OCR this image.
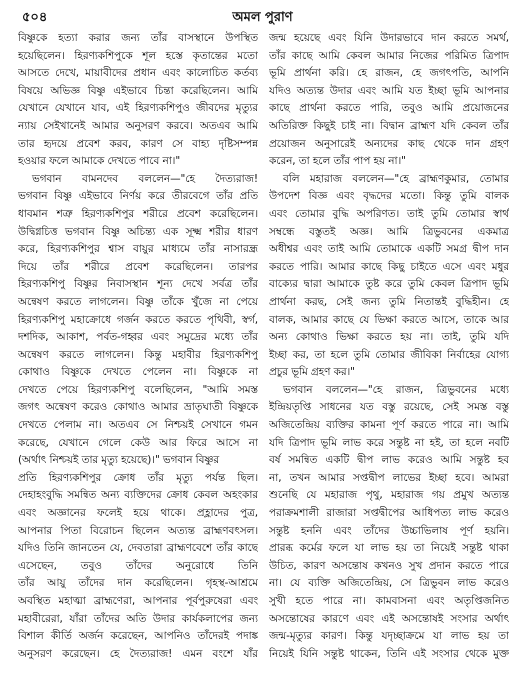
৫০৪	অমল পুরাণ
বিষ্ণুকে হত্যা করার জন্য তাঁর বাসস্থানে উপস্থিত
হয়েছিলেন। হিরণ্যকশিপুকে শূল হস্তে কৃতান্তের মতো
আসতে দেখে, মায়াবীদের প্রধান এবং কালোচিত কর্তব্য
বিষয়ে অভিজ্ঞ বিষ্ণু এইভাবে চিন্তা করেছিলেন। আমি
যেখানে যেখানে যাব, এই হিরণ্যকশিপুও জীবদের মৃত্যুর
ন্যায় সেইখানেই আমার অনুসরণ করবে। অতএব আমি
তার হৃদয়ে প্রবেশ করব, কারণ সে বাহ্য দৃষ্টিসম্পন্ন
হওয়ার ফলে আমাকে দেখতে পাবে না।"
ভগবান বামনদেব বললেন—"হে দৈত্যরাজ!
ভগবান বিষ্ণু এইভাবে নির্ণয় করে তীরবেগে তাঁর প্রতি
ধাবমান শত্রু হিরণ্যকশিপুর শরীরে প্রবেশ করেছিলেন।
উদ্বিগ্নচিত্ত ভগবান বিষ্ণু অচিন্ত্য এক সূক্ষ্ম শরীর ধারণ
করে, হিরণ্যকশিপুর শ্বাস বায়ুর মাধ্যমে তাঁর নাসারন্ধ্র
দিয়ে তাঁর শরীরে প্রবেশ করেছিলেন। তারপর
হিরণ্যকশিপু বিষ্ণুর নিবাসস্থান শূন্য দেখে সর্বত্র তাঁর
অন্বেষণ করতে লাগলেন। বিষ্ণু তাঁকে খুঁজে না পেয়ে
হিরণ্যকশিপু মহাক্রোধে গর্জন করতে করতে পৃথিবী, স্বর্গ,
দশদিক, আকাশ, পর্বত-গহ্বর এবং সমুদ্রের মধ্যে তাঁর
অন্বেষণ করতে লাগলেন। কিন্তু মহাবীর হিরণ্যকশিপু
কোথাও বিষ্ণুকে দেখতে পেলেন না। বিষ্ণুকে না
দেখতে পেয়ে হিরণ্যকশিপু বলেছিলেন, "আমি সমস্ত
জগৎ অন্বেষণ করেও কোথাও আমার ভ্রাতৃঘাতী বিষ্ণুকে
দেখতে পেলাম না। অতএব সে নিশ্চয়ই সেখানে গমন
করেছে, যেখানে গেলে কেউ আর ফিরে আসে না
(অর্থাৎ নিশ্চয়ই তার মৃত্যু হয়েছে)।" ভগবান বিষ্ণুর
প্রতি হিরণ্যকশিপুর ক্রোধ তাঁর মৃত্যু পর্যন্ত ছিল।
দেহাহংবুদ্ধি সমন্বিত অন্য ব্যক্তিদের ক্রোধ কেবল অহংকার
এবং অজ্ঞানের ফলেই হয়ে থাকে। প্রহ্লাদের পুত্র,
আপনার পিতা বিরোচন ছিলেন অত্যন্ত ব্রাহ্মণবৎসল।
যদিও তিনি জানতেন যে, দেবতারা ব্রাহ্মণবেশে তাঁর কাছে
এসেছেন, তবুও তাঁদের অনুরোধে তিনি
তাঁর আয়ু তাঁদের দান করেছিলেন। গৃহস্থ-আশ্রমে
অবস্থিত মহাত্মা ব্রাহ্মণেরা, আপনার পূর্বপুরুষেরা এবং
মহাবীরেরা, যাঁরা তাঁদের অতি উদার কার্যকলাপের জন্য
বিশাল কীর্তি অর্জন করেছেন, আপনিও তাঁদেরই পদাঙ্ক
অনুসরণ করেছেন। হে দৈত্যরাজ! এমন বংশে যাঁর
জন্ম হয়েছে এবং যিনি উদারভাবে দান করতে সমর্থ,
তাঁর কাছে আমি কেবল আমার নিজের পরিমিত ত্রিপাদ
ভূমি প্রার্থনা করি। হে রাজন, হে জগৎপতি, আপনি
যদিও অত্যন্ত উদার এবং আমি যত ইচ্ছা ভূমি আপনার
কাছে প্রার্থনা করতে পারি, তবুও আমি প্রয়োজনের
অতিরিক্ত কিছুই চাই না। বিদ্বান ব্রাহ্মণ যদি কেবল তাঁর
প্রয়োজন অনুসারেই অন্যদের কাছ থেকে দান গ্রহণ
করেন, তা হলে তাঁর পাপ হয় না।"
বলি মহারাজ বললেন—"হে ব্রাহ্মণকুমার, তোমার
উপদেশ বিজ্ঞ এবং বৃদ্ধদের মতো। কিন্তু তুমি বালক
এবং তোমার বুদ্ধি অপরিণত। তাই তুমি তোমার স্বার্থ
সম্বন্ধে বস্তুতই অজ্ঞ। আমি ত্রিভুবনের একমাত্র
অধীশ্বর এবং তাই আমি তোমাকে একটি সমগ্র দ্বীপ দান
করতে পারি। আমার কাছে কিছু চাইতে এসে এবং মধুর
বাক্যের দ্বারা আমাকে তুষ্ট করে তুমি কেবল ত্রিপাদ ভূমি
প্রার্থনা করছ, সেই জন্য তুমি নিতান্তই বুদ্ধিহীন। হে
বালক, আমার কাছে যে ভিক্ষা করতে আসে, তাকে আর
অন্য কোথাও ভিক্ষা করতে হয় না। তাই, তুমি যদি
ইচ্ছা কর, তা হলে তুমি তোমার জীবিকা নির্বাহের যোগ্য
প্রচুর ভূমি গ্রহণ কর।"
ভগবান বললেন—"হে রাজন, ত্রিভুবনের মধ্যে
ইন্দ্রিয়তৃপ্তি সাধনের যত বস্তু রয়েছে, সেই সমস্ত বস্তু
অজিতেন্দ্রিয় ব্যক্তির কামনা পূর্ণ করতে পারে না। আমি
যদি ত্রিপাদ ভূমি লাভ করে সন্তুষ্ট না হই, তা হলে নবটি
বর্ষ সমন্বিত একটি দ্বীপ লাভ করেও আমি সন্তুষ্ট হব
না, তখন আমার সপ্তদ্বীপ লাভের ইচ্ছা হবে। আমরা
শুনেছি যে মহারাজ পৃথু, মহারাজ গয় প্রমুখ অত্যন্ত
পরাক্রমশালী রাজারা সপ্তদ্বীপের আধিপত্য লাভ করেও
সন্তুষ্ট হননি এবং তাঁদের উচ্চাভিলাষ পূর্ণ হয়নি।
প্রারব্ধ কর্মের ফলে যা লাভ হয় তা নিয়েই সন্তুষ্ট থাকা
উচিত, কারণ অসন্তোষ কখনও সুখ প্রদান করতে পারে
না। যে ব্যক্তি অজিতেন্দ্রিয়, সে ত্রিভুবন লাভ করেও
সুখী হতে পারে না। কামবাসনা এবং অতৃপ্তিজনিত
অসন্তোষের কারণে এবং এই অসন্তোষই সংসার অর্থাৎ
জন্ম-মৃত্যুর কারণ। কিন্তু যদৃচ্ছাক্রমে যা লাভ হয় তা
নিয়েই যিনি সন্তুষ্ট থাকেন, তিনি এই সংসার থেকে মুক্ত
